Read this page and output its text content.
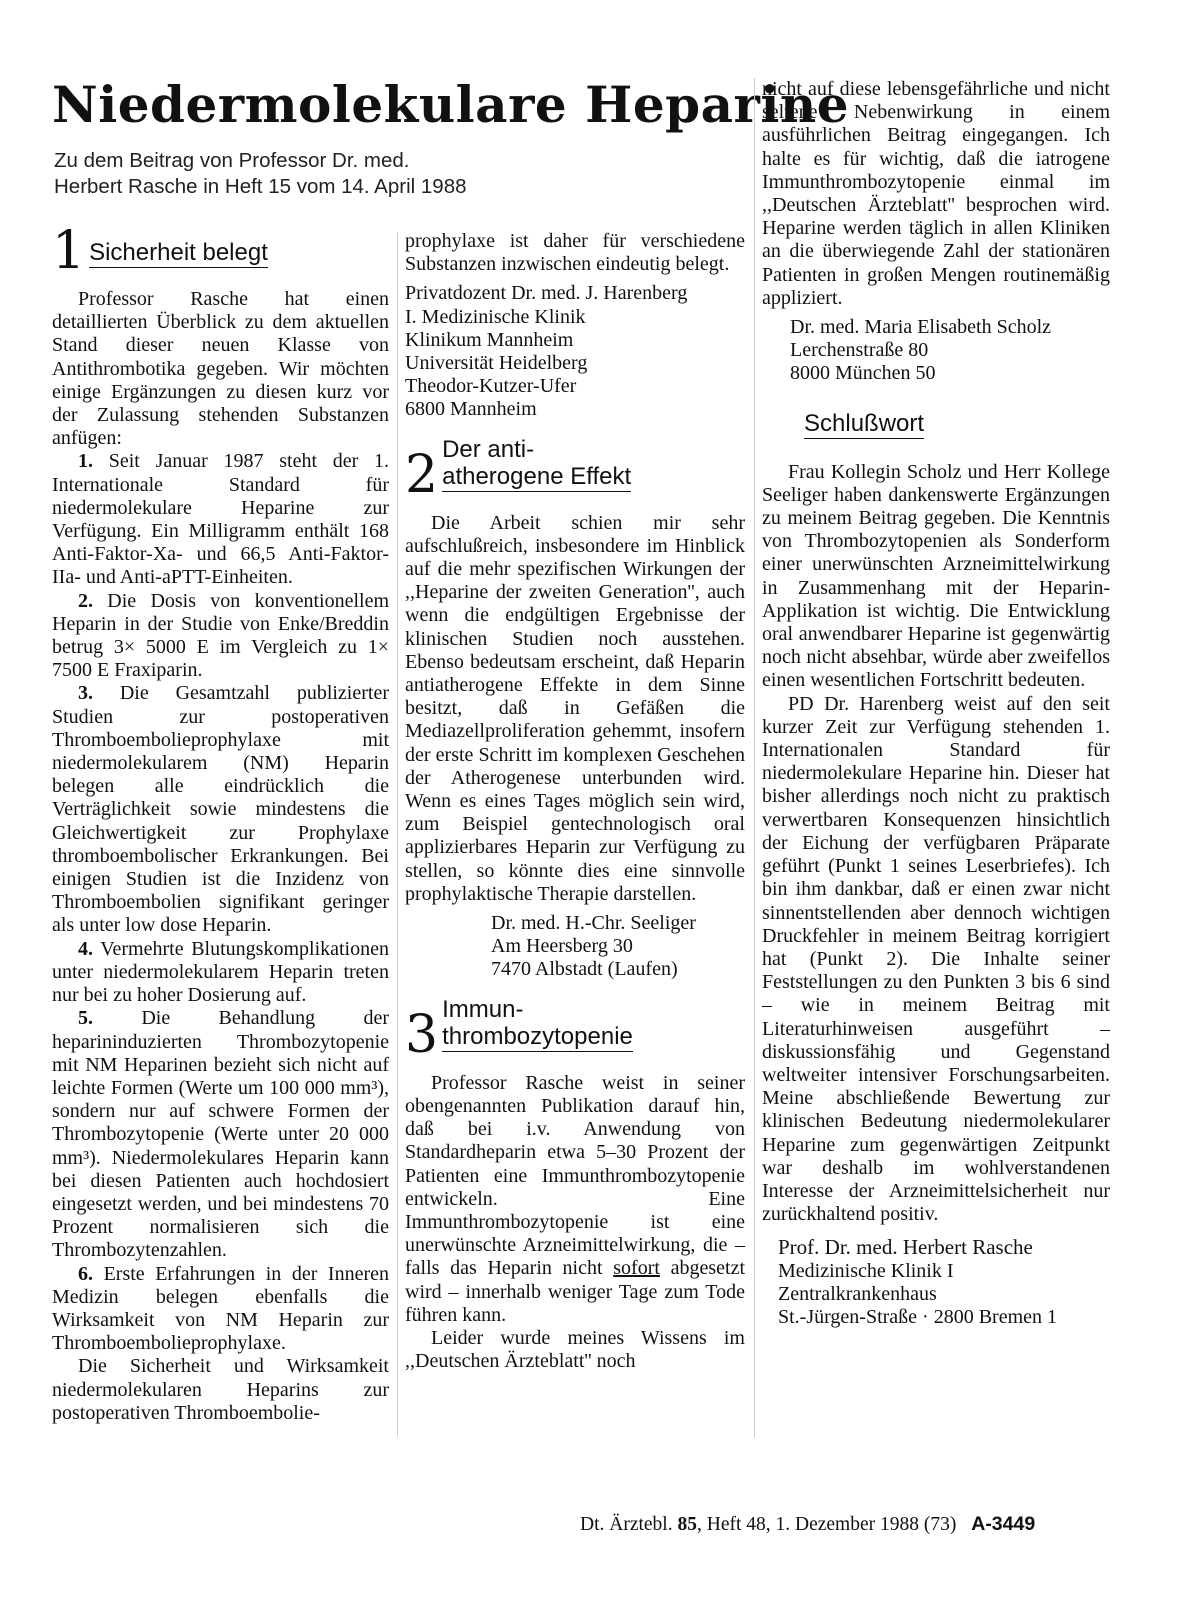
Niedermolekulare Heparine
Zu dem Beitrag von Professor Dr. med.
Herbert Rasche in Heft 15 vom 14. April 1988
1 Sicherheit belegt

Professor Rasche hat einen detaillierten Überblick zu dem aktuellen Stand dieser neuen Klasse von Antithrombotika gegeben. Wir möchten einige Ergänzungen zu diesen kurz vor der Zulassung stehenden Substanzen anfügen:

1. Seit Januar 1987 steht der 1. Internationale Standard für niedermolekulare Heparine zur Verfügung. Ein Milligramm enthält 168 Anti-Faktor-Xa- und 66,5 Anti-Faktor-IIa- und Anti-aPTT-Einheiten.

2. Die Dosis von konventionellem Heparin in der Studie von Enke/Breddin betrug 3× 5000 E im Vergleich zu 1× 7500 E Fraxiparin.

3. Die Gesamtzahl publizierter Studien zur postoperativen Thromboembolieprophylaxe mit niedermolekularem (NM) Heparin belegen alle eindrücklich die Verträglichkeit sowie mindestens die Gleichwertigkeit zur Prophylaxe thromboembolischer Erkrankungen. Bei einigen Studien ist die Inzidenz von Thromboembolien signifikant geringer als unter low dose Heparin.

4. Vermehrte Blutungskomplikationen unter niedermolekularem Heparin treten nur bei zu hoher Dosierung auf.

5. Die Behandlung der heparininduzierten Thrombozytopenie mit NM Heparinen bezieht sich nicht auf leichte Formen (Werte um 100 000 mm³), sondern nur auf schwere Formen der Thrombozytopenie (Werte unter 20 000 mm³). Niedermolekulares Heparin kann bei diesen Patienten auch hochdosiert eingesetzt werden, und bei mindestens 70 Prozent normalisieren sich die Thrombozytenzahlen.

6. Erste Erfahrungen in der Inneren Medizin belegen ebenfalls die Wirksamkeit von NM Heparin zur Thromboembolieprophylaxe.

Die Sicherheit und Wirksamkeit niedermolekularen Heparins zur postoperativen Thromboembolie-

prophylaxe ist daher für verschiedene Substanzen inzwischen eindeutig belegt.

Privatdozent Dr. med. J. Harenberg
I. Medizinische Klinik
Klinikum Mannheim
Universität Heidelberg
Theodor-Kutzer-Ufer
6800 Mannheim
2 Der anti-
atherogene Effekt

Die Arbeit schien mir sehr aufschlußreich, insbesondere im Hinblick auf die mehr spezifischen Wirkungen der ,,Heparine der zweiten Generation'', auch wenn die endgültigen Ergebnisse der klinischen Studien noch ausstehen. Ebenso bedeutsam erscheint, daß Heparin antiatherogene Effekte in dem Sinne besitzt, daß in Gefäßen die Mediazellproliferation gehemmt, insofern der erste Schritt im komplexen Geschehen der Atherogenese unterbunden wird. Wenn es eines Tages möglich sein wird, zum Beispiel gentechnologisch oral applizierbares Heparin zur Verfügung zu stellen, so könnte dies eine sinnvolle prophylaktische Therapie darstellen.

Dr. med. H.-Chr. Seeliger
Am Heersberg 30
7470 Albstadt (Laufen)
3 Immun-
thrombozytopenie

Professor Rasche weist in seiner obengenannten Publikation darauf hin, daß bei i.v. Anwendung von Standardheparin etwa 5–30 Prozent der Patienten eine Immunthrombozytopenie entwickeln. Eine Immunthrombozytopenie ist eine unerwünschte Arzneimittelwirkung, die – falls das Heparin nicht sofort abgesetzt wird – innerhalb weniger Tage zum Tode führen kann.

Leider wurde meines Wissens im ,,Deutschen Ärzteblatt'' noch

nicht auf diese lebensgefährliche und nicht seltene Nebenwirkung in einem ausführlichen Beitrag eingegangen. Ich halte es für wichtig, daß die iatrogene Immunthrombozytopenie einmal im ,,Deutschen Ärzteblatt'' besprochen wird. Heparine werden täglich in allen Kliniken an die überwiegende Zahl der stationären Patienten in großen Mengen routinemäßig appliziert.

Dr. med. Maria Elisabeth Scholz
Lerchenstraße 80
8000 München 50
Schlußwort

Frau Kollegin Scholz und Herr Kollege Seeliger haben dankenswerte Ergänzungen zu meinem Beitrag gegeben. Die Kenntnis von Thrombozytopenien als Sonderform einer unerwünschten Arzneimittelwirkung in Zusammenhang mit der Heparin-Applikation ist wichtig. Die Entwicklung oral anwendbarer Heparine ist gegenwärtig noch nicht absehbar, würde aber zweifellos einen wesentlichen Fortschritt bedeuten.

PD Dr. Harenberg weist auf den seit kurzer Zeit zur Verfügung stehenden 1. Internationalen Standard für niedermolekulare Heparine hin. Dieser hat bisher allerdings noch nicht zu praktisch verwertbaren Konsequenzen hinsichtlich der Eichung der verfügbaren Präparate geführt (Punkt 1 seines Leserbriefes). Ich bin ihm dankbar, daß er einen zwar nicht sinnentstellenden aber dennoch wichtigen Druckfehler in meinem Beitrag korrigiert hat (Punkt 2). Die Inhalte seiner Feststellungen zu den Punkten 3 bis 6 sind – wie in meinem Beitrag mit Literaturhinweisen ausgeführt – diskussionsfähig und Gegenstand weltweiter intensiver Forschungsarbeiten. Meine abschließende Bewertung zur klinischen Bedeutung niedermolekularer Heparine zum gegenwärtigen Zeitpunkt war deshalb im wohlverstandenen Interesse der Arzneimittelsicherheit nur zurückhaltend positiv.

Prof. Dr. med. Herbert Rasche
Medizinische Klinik I
Zentralkrankenhaus
St.-Jürgen-Straße · 2800 Bremen 1
Dt. Ärztebl. 85, Heft 48, 1. Dezember 1988 (73) A-3449
